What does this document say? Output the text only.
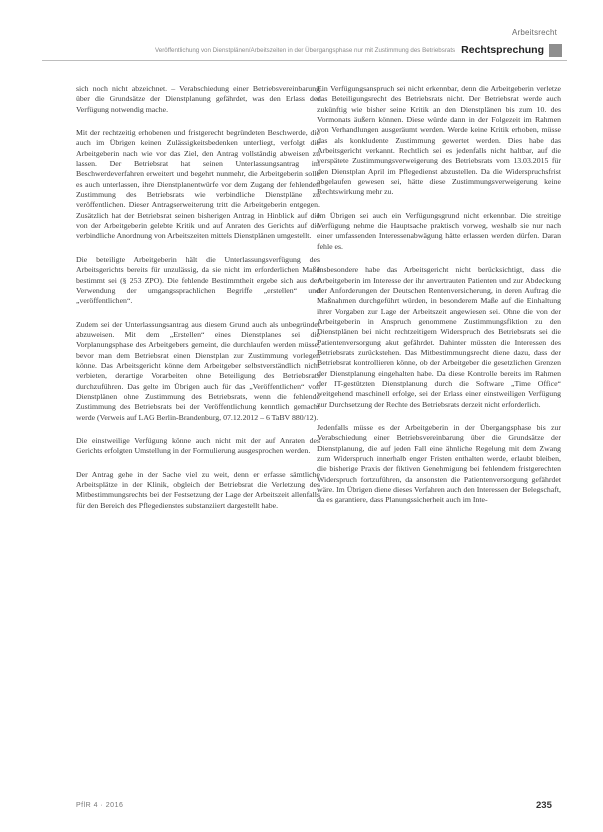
Arbeitsrecht
Veröffentlichung von Dienstplänen/Arbeitszeiten in der Übergangsphase nur mit Zustimmung des Betriebsrats Rechtsprechung

sich noch nicht abzeichnet. – Verabschiedung einer Betriebsvereinbarung über die Grundsätze der Dienstplanung gefährdet, was den Erlass der Verfügung notwendig mache.

Mit der rechtzeitig erhobenen und fristgerecht begründeten Beschwerde, die auch im Übrigen keinen Zulässigkeitsbedenken unterliegt, verfolgt die Arbeitgeberin nach wie vor das Ziel, den Antrag vollständig abweisen zu lassen. Der Betriebsrat hat seinen Unterlassungsantrag im Beschwerdeverfahren erweitert und begehrt nunmehr, die Arbeitgeberin solle es auch unterlassen, ihre Dienstplanentwürfe vor dem Zugang der fehlenden Zustimmung des Betriebsrats wie verbindliche Dienstpläne zu veröffentlichen. Dieser Antragserweiterung tritt die Arbeitgeberin entgegen. Zusätzlich hat der Betriebsrat seinen bisherigen Antrag in Hinblick auf die von der Arbeitgeberin gelebte Kritik und auf Anraten des Gerichts auf die verbindliche Anordnung von Arbeitszeiten mittels Dienstplänen umgestellt.

Die beteiligte Arbeitgeberin hält die Unterlassungsverfügung des Arbeitsgerichts bereits für unzulässig, da sie nicht im erforderlichen Maße bestimmt sei (§ 253 ZPO). Die fehlende Bestimmtheit ergebe sich aus der Verwendung der umgangssprachlichen Begriffe „erstellen“ und „veröffentlichen“.

Zudem sei der Unterlassungsantrag aus diesem Grund auch als unbegründet abzuweisen. Mit dem „Erstellen“ eines Dienstplanes sei die Vorplanungsphase des Arbeitgebers gemeint, die durchlaufen werden müsse, bevor man dem Betriebsrat einen Dienstplan zur Zustimmung vorlegen könne. Das Arbeitsgericht könne dem Arbeitgeber selbstverständlich nicht verbieten, derartige Vorarbeiten ohne Beteiligung des Betriebsrats durchzuführen. Das gelte im Übrigen auch für das „Veröffentlichen“ von Dienstplänen ohne Zustimmung des Betriebsrats, wenn die fehlende Zustimmung des Betriebsrats bei der Veröffentlichung kenntlich gemacht werde (Verweis auf LAG Berlin-Brandenburg, 07.12.2012 – 6 TaBV 880/12).

Die einstweilige Verfügung könne auch nicht mit der auf Anraten des Gerichts erfolgten Umstellung in der Formulierung ausgesprochen werden.

Der Antrag gehe in der Sache viel zu weit, denn er erfasse sämtliche Arbeitsplätze in der Klinik, obgleich der Betriebsrat die Verletzung des Mitbestimmungsrechts bei der Festsetzung der Lage der Arbeitszeit allenfalls für den Bereich des Pflegedienstes substanziiert dargestellt habe.

Ein Verfügungsanspruch sei nicht erkennbar, denn die Arbeitgeberin verletze das Beteiligungsrecht des Betriebsrats nicht. Der Betriebsrat werde auch zukünftig wie bisher seine Kritik an den Dienstplänen bis zum 10. des Vormonats äußern können. Diese würde dann in der Folgezeit im Rahmen von Verhandlungen ausgeräumt werden. Werde keine Kritik erhoben, müsse das als konkludente Zustimmung gewertet werden. Dies habe das Arbeitsgericht verkannt. Rechtlich sei es jedenfalls nicht haltbar, auf die verspätete Zustimmungsverweigerung des Betriebsrats vom 13.03.2015 für den Dienstplan April im Pflegedienst abzustellen. Da die Widerspruchsfrist abgelaufen gewesen sei, hätte diese Zustimmungsverweigerung keine Rechtswirkung mehr zu.

Im Übrigen sei auch ein Verfügungsgrund nicht erkennbar. Die streitige Verfügung nehme die Hauptsache praktisch vorweg, weshalb sie nur nach einer umfassenden Interessenabwägung hätte erlassen werden dürfen. Daran fehle es.

Insbesondere habe das Arbeitsgericht nicht berücksichtigt, dass die Arbeitgeberin im Interesse der ihr anvertrauten Patienten und zur Abdeckung der Anforderungen der Deutschen Rentenversicherung, in deren Auftrag die Maßnahmen durchgeführt würden, in besonderem Maße auf die Einhaltung ihrer Vorgaben zur Lage der Arbeitszeit angewiesen sei. Ohne die von der Arbeitgeberin in Anspruch genommene Zustimmungsfiktion zu den Dienstplänen bei nicht rechtzeitigem Widerspruch des Betriebsrats sei die Patientenversorgung akut gefährdet. Dahinter müssten die Interessen des Betriebsrats zurückstehen. Das Mitbestimmungsrecht diene dazu, dass der Betriebsrat kontrollieren könne, ob der Arbeitgeber die gesetzlichen Grenzen der Dienstplanung eingehalten habe. Da diese Kontrolle bereits im Rahmen der IT-gestützten Dienstplanung durch die Software „Time Office“ weitgehend maschinell erfolge, sei der Erlass einer einstweiligen Verfügung zur Durchsetzung der Rechte des Betriebsrats derzeit nicht erforderlich.

Jedenfalls müsse es der Arbeitgeberin in der Übergangsphase bis zur Verabschiedung einer Betriebsvereinbarung über die Grundsätze der Dienstplanung, die auf jeden Fall eine ähnliche Regelung mit dem Zwang zum Widerspruch innerhalb enger Fristen enthalten werde, erlaubt bleiben, die bisherige Praxis der fiktiven Genehmigung bei fehlendem fristgerechten Widerspruch fortzuführen, da ansonsten die Patientenversorgung gefährdet wäre. Im Übrigen diene dieses Verfahren auch den Interessen der Belegschaft, da es garantiere, dass Planungssicherheit auch im Inte-

PflR 4 · 2016	235
